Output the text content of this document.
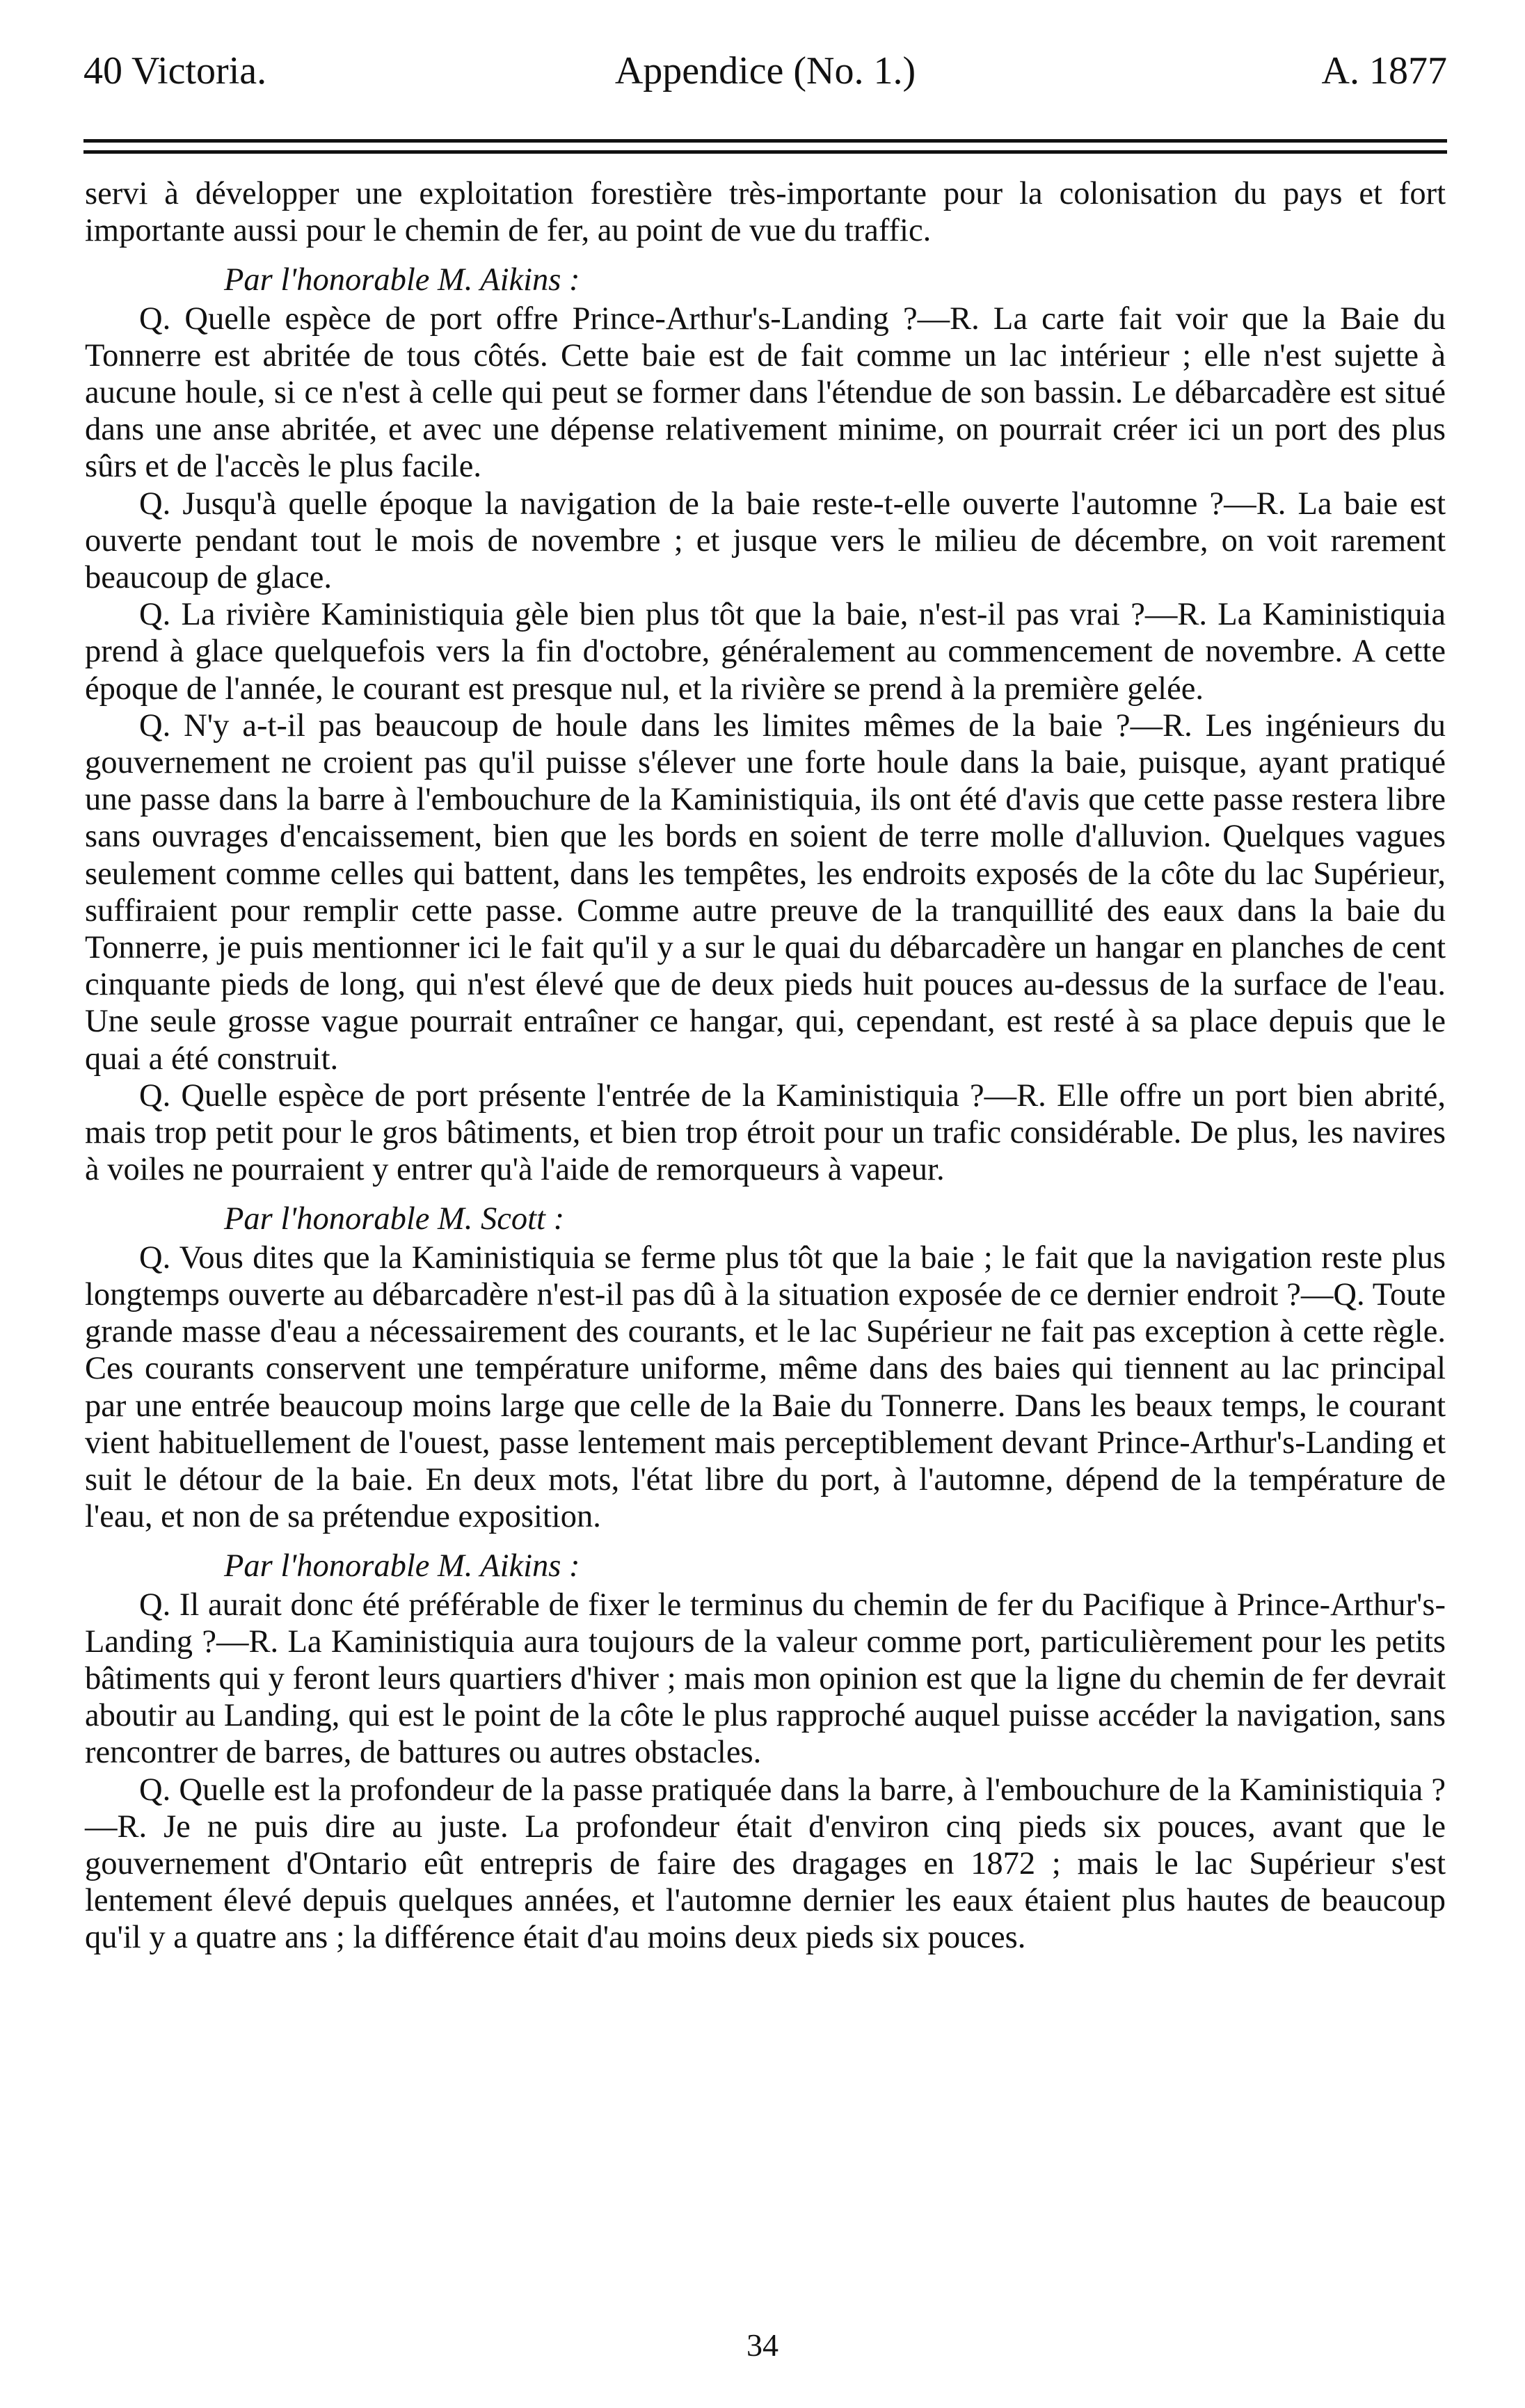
40 Victoria.	Appendice (No. 1.)	A. 1877

servi à développer une exploitation forestière très-importante pour la colonisation du pays et fort importante aussi pour le chemin de fer, au point de vue du traffic.

Par l'honorable M. Aikins :

Q. Quelle espèce de port offre Prince-Arthur's-Landing ?—R. La carte fait voir que la Baie du Tonnerre est abritée de tous côtés. Cette baie est de fait comme un lac intérieur ; elle n'est sujette à aucune houle, si ce n'est à celle qui peut se former dans l'étendue de son bassin. Le débarcadère est situé dans une anse abritée, et avec une dépense relativement minime, on pourrait créer ici un port des plus sûrs et de l'accès le plus facile.

Q. Jusqu'à quelle époque la navigation de la baie reste-t-elle ouverte l'automne ?—R. La baie est ouverte pendant tout le mois de novembre ; et jusque vers le milieu de décembre, on voit rarement beaucoup de glace.

Q. La rivière Kaministiquia gèle bien plus tôt que la baie, n'est-il pas vrai ?—R. La Kaministiquia prend à glace quelquefois vers la fin d'octobre, généralement au commencement de novembre. A cette époque de l'année, le courant est presque nul, et la rivière se prend à la première gelée.

Q. N'y a-t-il pas beaucoup de houle dans les limites mêmes de la baie ?—R. Les ingénieurs du gouvernement ne croient pas qu'il puisse s'élever une forte houle dans la baie, puisque, ayant pratiqué une passe dans la barre à l'embouchure de la Kaministiquia, ils ont été d'avis que cette passe restera libre sans ouvrages d'encaissement, bien que les bords en soient de terre molle d'alluvion. Quelques vagues seulement comme celles qui battent, dans les tempêtes, les endroits exposés de la côte du lac Supérieur, suffiraient pour remplir cette passe. Comme autre preuve de la tranquillité des eaux dans la baie du Tonnerre, je puis mentionner ici le fait qu'il y a sur le quai du débarcadère un hangar en planches de cent cinquante pieds de long, qui n'est élevé que de deux pieds huit pouces au-dessus de la surface de l'eau. Une seule grosse vague pourrait entraîner ce hangar, qui, cependant, est resté à sa place depuis que le quai a été construit.

Q. Quelle espèce de port présente l'entrée de la Kaministiquia ?—R. Elle offre un port bien abrité, mais trop petit pour le gros bâtiments, et bien trop étroit pour un trafic considérable. De plus, les navires à voiles ne pourraient y entrer qu'à l'aide de remorqueurs à vapeur.

Par l'honorable M. Scott :

Q. Vous dites que la Kaministiquia se ferme plus tôt que la baie ; le fait que la navigation reste plus longtemps ouverte au débarcadère n'est-il pas dû à la situation exposée de ce dernier endroit ?—Q. Toute grande masse d'eau a nécessairement des courants, et le lac Supérieur ne fait pas exception à cette règle. Ces courants conservent une température uniforme, même dans des baies qui tiennent au lac principal par une entrée beaucoup moins large que celle de la Baie du Tonnerre. Dans les beaux temps, le courant vient habituellement de l'ouest, passe lentement mais perceptiblement devant Prince-Arthur's-Landing et suit le détour de la baie. En deux mots, l'état libre du port, à l'automne, dépend de la température de l'eau, et non de sa prétendue exposition.

Par l'honorable M. Aikins :

Q. Il aurait donc été préférable de fixer le terminus du chemin de fer du Pacifique à Prince-Arthur's-Landing ?—R. La Kaministiquia aura toujours de la valeur comme port, particulièrement pour les petits bâtiments qui y feront leurs quartiers d'hiver ; mais mon opinion est que la ligne du chemin de fer devrait aboutir au Landing, qui est le point de la côte le plus rapproché auquel puisse accéder la navigation, sans rencontrer de barres, de battures ou autres obstacles.

Q. Quelle est la profondeur de la passe pratiquée dans la barre, à l'embouchure de la Kaministiquia ?—R. Je ne puis dire au juste. La profondeur était d'environ cinq pieds six pouces, avant que le gouvernement d'Ontario eût entrepris de faire des dragages en 1872 ; mais le lac Supérieur s'est lentement élevé depuis quelques années, et l'automne dernier les eaux étaient plus hautes de beaucoup qu'il y a quatre ans ; la différence était d'au moins deux pieds six pouces.

34
